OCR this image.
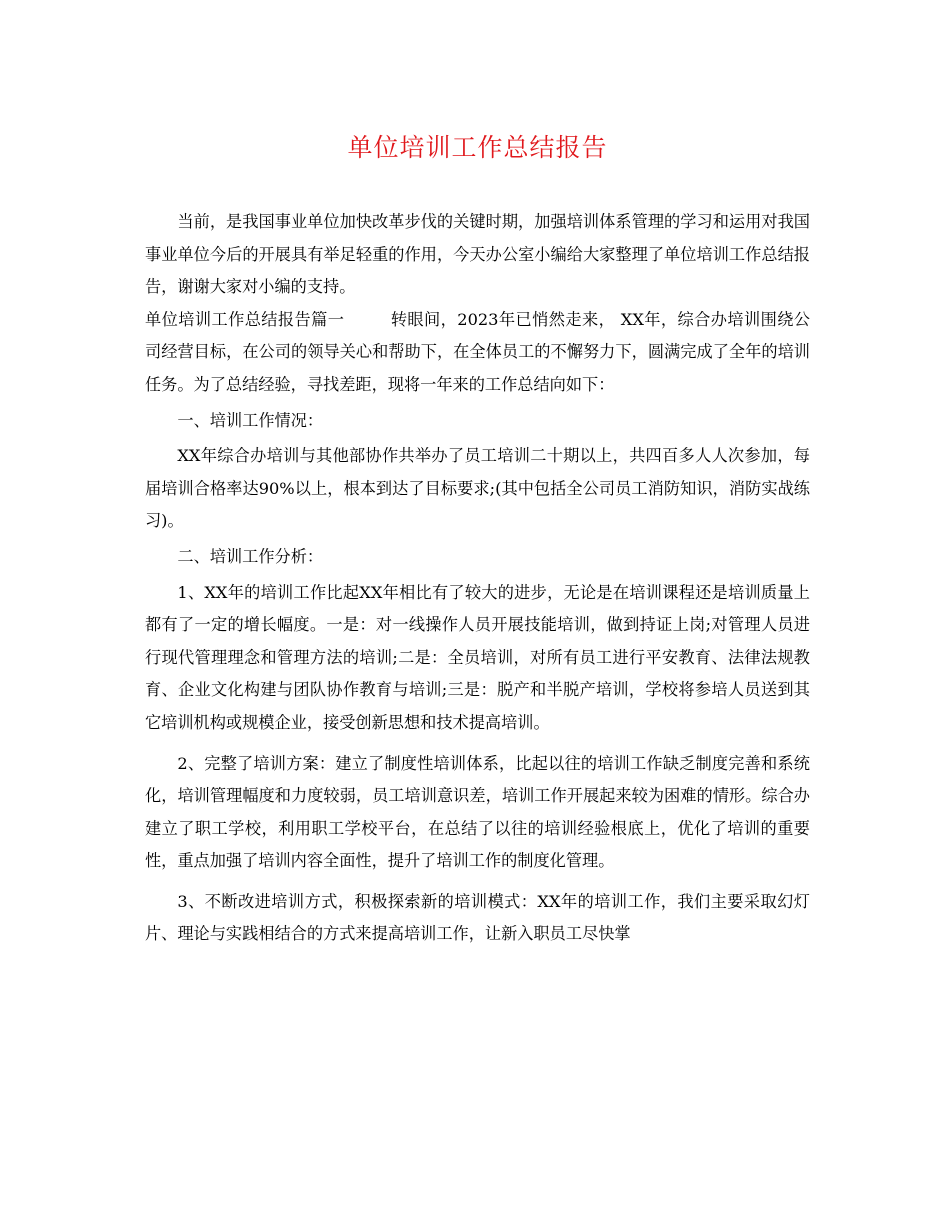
单位培训工作总结报告

当前，是我国事业单位加快改革步伐的关键时期，加强培训体系管理的学习和运用对我国事业单位今后的开展具有举足轻重的作用，今天办公室小编给大家整理了单位培训工作总结报告，谢谢大家对小编的支持。

单位培训工作总结报告篇一	转眼间，2023年已悄然走来， XX年，综合办培训围绕公司经营目标，在公司的领导关心和帮助下，在全体员工的不懈努力下，圆满完成了全年的培训任务。为了总结经验，寻找差距，现将一年来的工作总结向如下：

一、培训工作情况：

XX年综合办培训与其他部协作共举办了员工培训二十期以上，共四百多人人次参加，每届培训合格率达90%以上，根本到达了目标要求;(其中包括全公司员工消防知识，消防实战练习)。

二、培训工作分析：

1、XX年的培训工作比起XX年相比有了较大的进步，无论是在培训课程还是培训质量上都有了一定的增长幅度。一是：对一线操作人员开展技能培训，做到持证上岗;对管理人员进行现代管理理念和管理方法的培训;二是：全员培训，对所有员工进行平安教育、法律法规教育、企业文化构建与团队协作教育与培训;三是：脱产和半脱产培训，学校将参培人员送到其它培训机构或规模企业，接受创新思想和技术提高培训。

2、完整了培训方案：建立了制度性培训体系，比起以往的培训工作缺乏制度完善和系统化，培训管理幅度和力度较弱，员工培训意识差，培训工作开展起来较为困难的情形。综合办建立了职工学校，利用职工学校平台，在总结了以往的培训经验根底上，优化了培训的重要性，重点加强了培训内容全面性，提升了培训工作的制度化管理。

3、不断改进培训方式，积极探索新的培训模式：XX年的培训工作，我们主要采取幻灯片、理论与实践相结合的方式来提高培训工作，让新入职员工尽快掌
